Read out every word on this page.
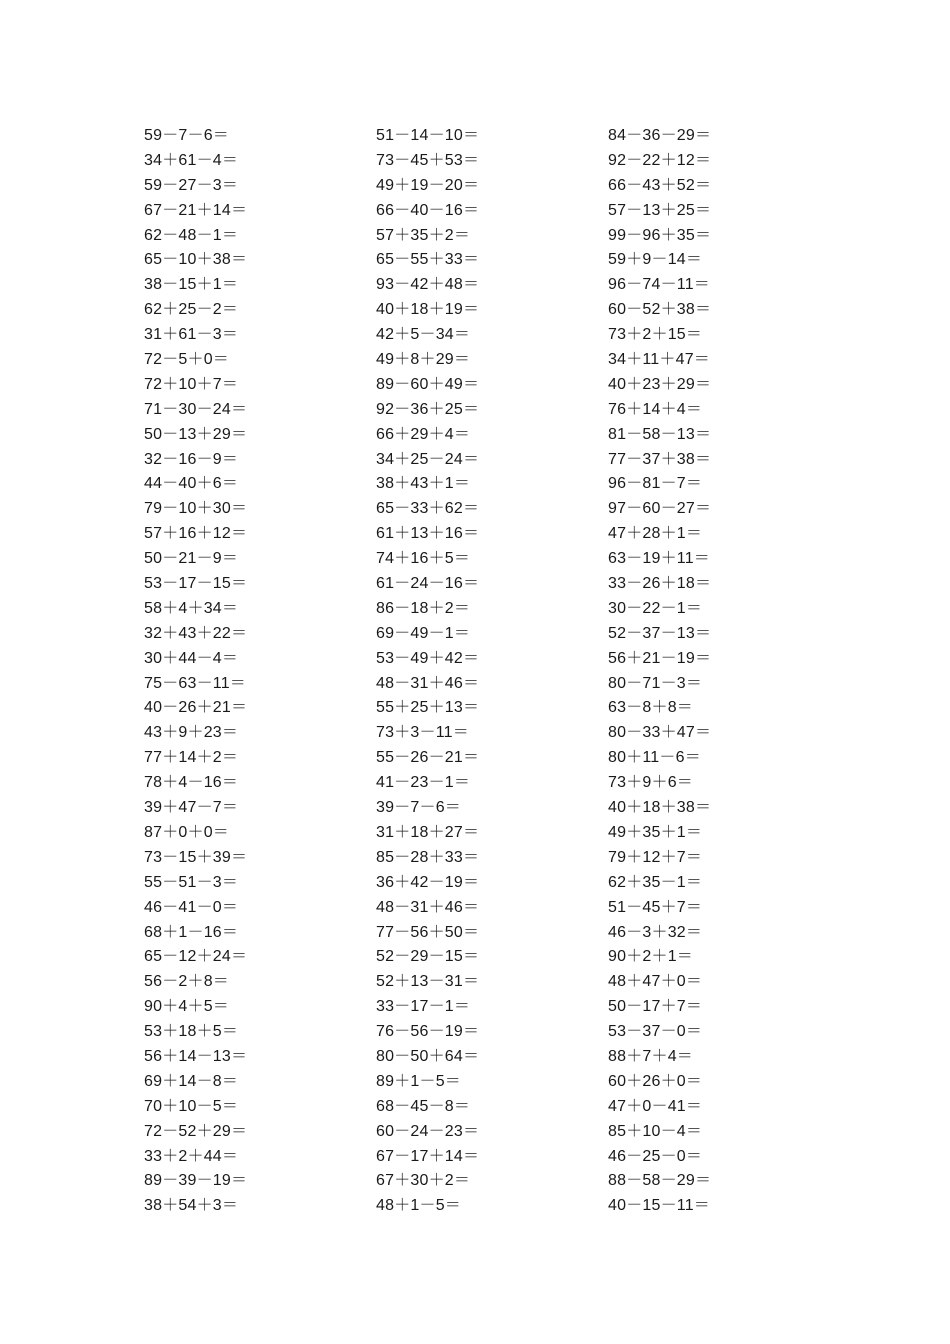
59－7－6＝
34＋61－4＝
59－27－3＝
67－21＋14＝
62－48－1＝
65－10＋38＝
38－15＋1＝
62＋25－2＝
31＋61－3＝
72－5＋0＝
72＋10＋7＝
71－30－24＝
50－13＋29＝
32－16－9＝
44－40＋6＝
79－10＋30＝
57＋16＋12＝
50－21－9＝
53－17－15＝
58＋4＋34＝
32＋43＋22＝
30＋44－4＝
75－63－11＝
40－26＋21＝
43＋9＋23＝
77＋14＋2＝
78＋4－16＝
39＋47－7＝
87＋0＋0＝
73－15＋39＝
55－51－3＝
46－41－0＝
68＋1－16＝
65－12＋24＝
56－2＋8＝
90＋4＋5＝
53＋18＋5＝
56＋14－13＝
69＋14－8＝
70＋10－5＝
72－52＋29＝
33＋2＋44＝
89－39－19＝
38＋54＋3＝
51－14－10＝
73－45＋53＝
49＋19－20＝
66－40－16＝
57＋35＋2＝
65－55＋33＝
93－42＋48＝
40＋18＋19＝
42＋5－34＝
49＋8＋29＝
89－60＋49＝
92－36＋25＝
66＋29＋4＝
34＋25－24＝
38＋43＋1＝
65－33＋62＝
61＋13＋16＝
74＋16＋5＝
61－24－16＝
86－18＋2＝
69－49－1＝
53－49＋42＝
48－31＋46＝
55＋25＋13＝
73＋3－11＝
55－26－21＝
41－23－1＝
39－7－6＝
31＋18＋27＝
85－28＋33＝
36＋42－19＝
48－31＋46＝
77－56＋50＝
52－29－15＝
52＋13－31＝
33－17－1＝
76－56－19＝
80－50＋64＝
89＋1－5＝
68－45－8＝
60－24－23＝
67－17＋14＝
67＋30＋2＝
48＋1－5＝
84－36－29＝
92－22＋12＝
66－43＋52＝
57－13＋25＝
99－96＋35＝
59＋9－14＝
96－74－11＝
60－52＋38＝
73＋2＋15＝
34＋11＋47＝
40＋23＋29＝
76＋14＋4＝
81－58－13＝
77－37＋38＝
96－81－7＝
97－60－27＝
47＋28＋1＝
63－19＋11＝
33－26＋18＝
30－22－1＝
52－37－13＝
56＋21－19＝
80－71－3＝
63－8＋8＝
80－33＋47＝
80＋11－6＝
73＋9＋6＝
40＋18＋38＝
49＋35＋1＝
79＋12＋7＝
62＋35－1＝
51－45＋7＝
46－3＋32＝
90＋2＋1＝
48＋47＋0＝
50－17＋7＝
53－37－0＝
88＋7＋4＝
60＋26＋0＝
47＋0－41＝
85＋10－4＝
46－25－0＝
88－58－29＝
40－15－11＝
